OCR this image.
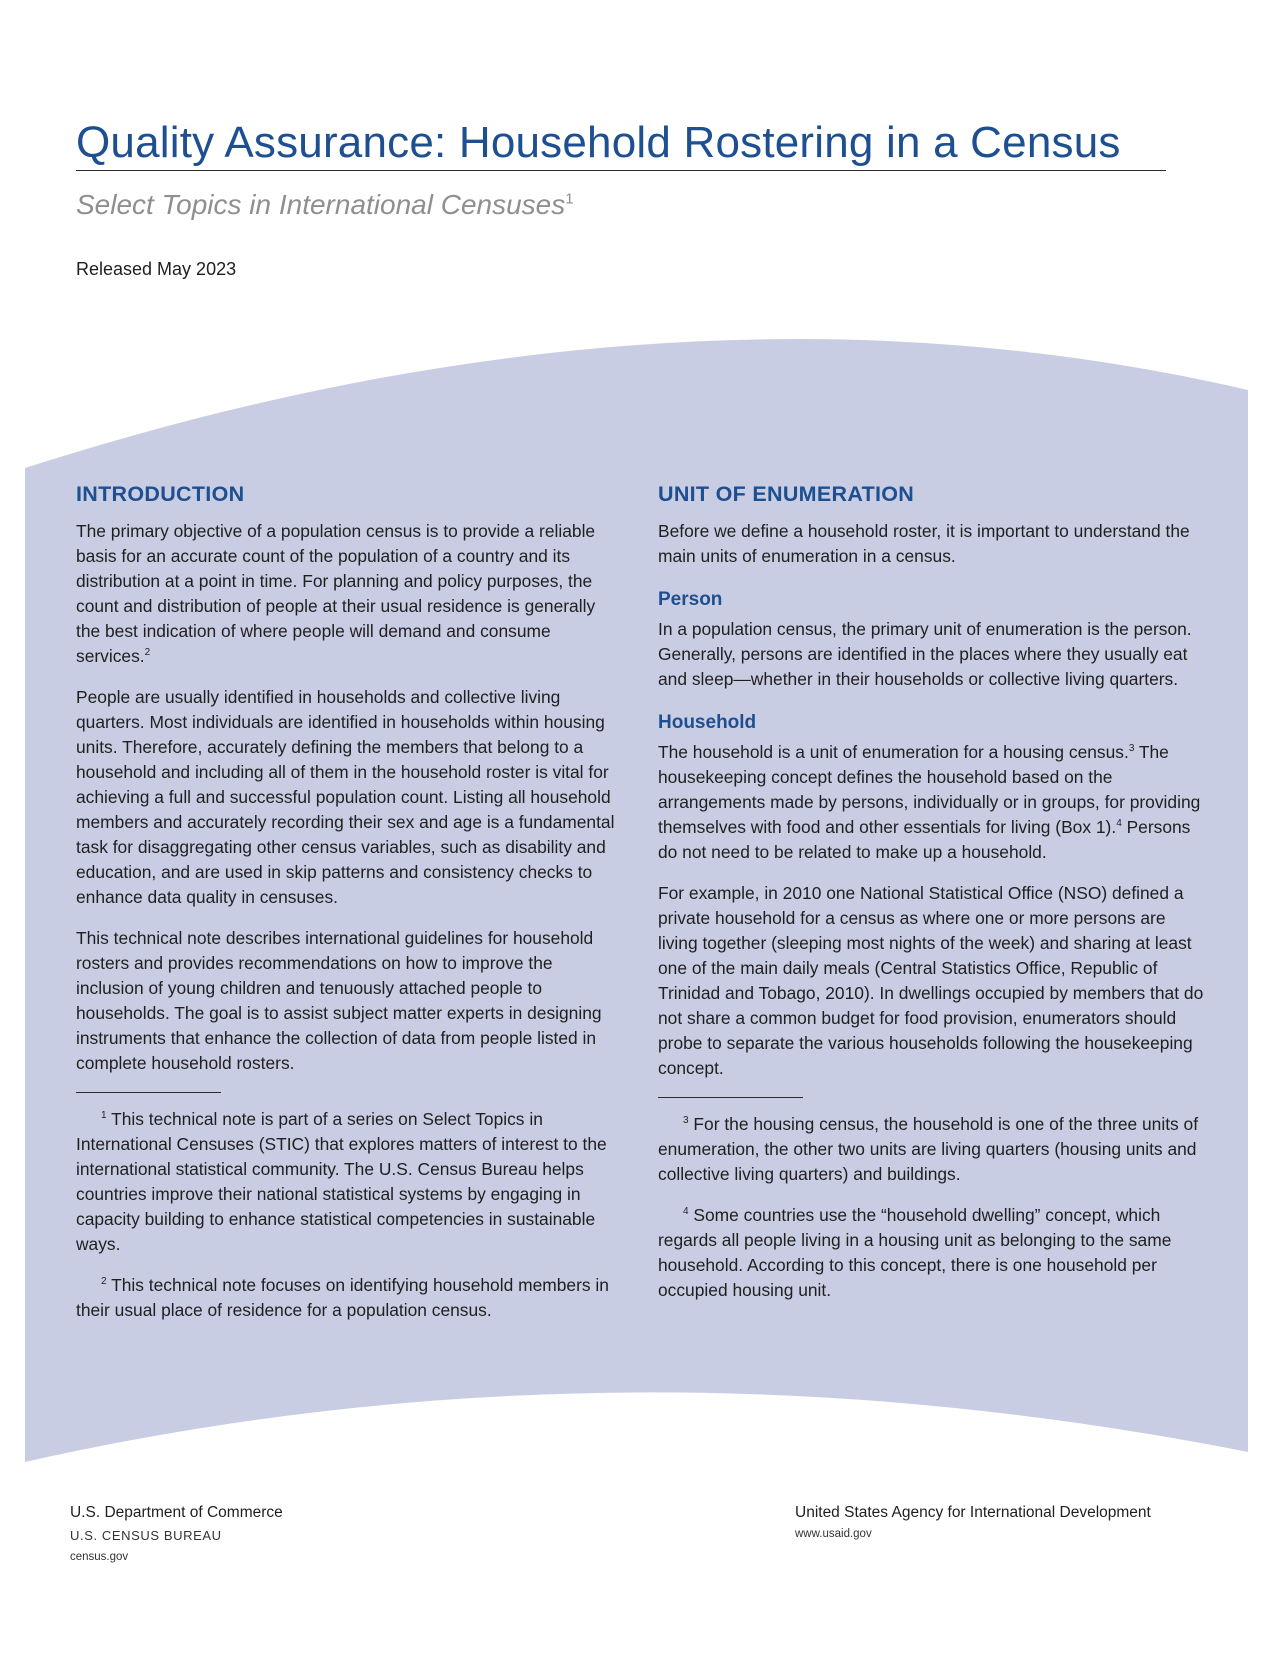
Quality Assurance: Household Rostering in a Census
Select Topics in International Censuses$^1$
Released May 2023
INTRODUCTION

The primary objective of a population census is to provide a reliable basis for an accurate count of the population of a country and its distribution at a point in time. For planning and policy purposes, the count and distribution of people at their usual residence is generally the best indication of where people will demand and consume services.$^2$

People are usually identified in households and collective living quarters. Most individuals are identified in households within housing units. Therefore, accurately defining the members that belong to a household and including all of them in the household roster is vital for achieving a full and successful population count. Listing all household members and accurately recording their sex and age is a fundamental task for disaggregating other census variables, such as disability and education, and are used in skip patterns and consistency checks to enhance data quality in censuses.

This technical note describes international guidelines for household rosters and provides recommendations on how to improve the inclusion of young children and tenuously attached people to households. The goal is to assist subject matter experts in designing instruments that enhance the collection of data from people listed in complete household rosters.

$^1$ This technical note is part of a series on Select Topics in International Censuses (STIC) that explores matters of interest to the international statistical community. The U.S. Census Bureau helps countries improve their national statistical systems by engaging in capacity building to enhance statistical competencies in sustainable ways.

$^2$ This technical note focuses on identifying household members in their usual place of residence for a population census.

UNIT OF ENUMERATION

Before we define a household roster, it is important to understand the main units of enumeration in a census.

Person

In a population census, the primary unit of enumeration is the person. Generally, persons are identified in the places where they usually eat and sleep—whether in their households or collective living quarters.

Household

The household is a unit of enumeration for a housing census.$^3$ The housekeeping concept defines the household based on the arrangements made by persons, individually or in groups, for providing themselves with food and other essentials for living (Box 1).$^4$ Persons do not need to be related to make up a household.

For example, in 2010 one National Statistical Office (NSO) defined a private household for a census as where one or more persons are living together (sleeping most nights of the week) and sharing at least one of the main daily meals (Central Statistics Office, Republic of Trinidad and Tobago, 2010). In dwellings occupied by members that do not share a common budget for food provision, enumerators should probe to separate the various households following the housekeeping concept.

$^3$ For the housing census, the household is one of the three units of enumeration, the other two units are living quarters (housing units and collective living quarters) and buildings.

$^4$ Some countries use the “household dwelling” concept, which regards all people living in a housing unit as belonging to the same household. According to this concept, there is one household per occupied housing unit.

U.S. Department of Commerce
U.S. CENSUS BUREAU
census.gov
United States Agency for International Development
www.usaid.gov
